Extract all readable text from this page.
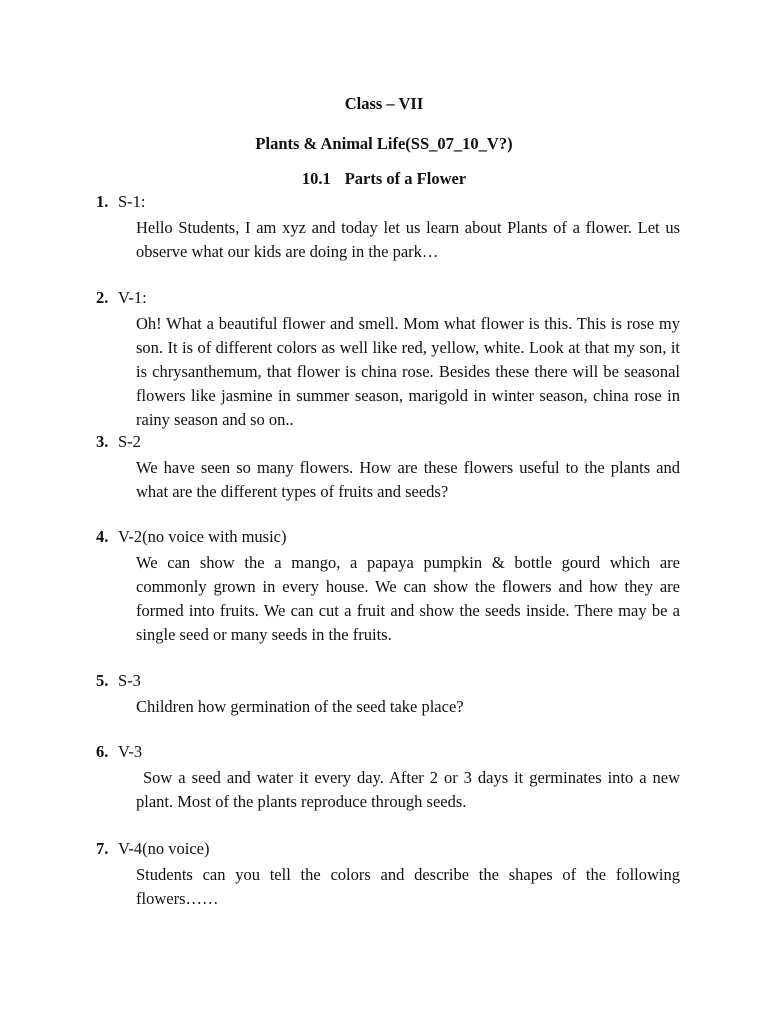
Class – VII
Plants & Animal Life(SS_07_10_V?)
10.1 Parts of a Flower
1. S-1:
Hello Students, I am xyz and today let us learn about Plants of a flower. Let us observe what our kids are doing in the park…
2. V-1:
Oh! What a beautiful flower and smell. Mom what flower is this. This is rose my son. It is of different colors as well like red, yellow, white. Look at that my son, it is chrysanthemum, that flower is china rose. Besides these there will be seasonal flowers like jasmine in summer season, marigold in winter season, china rose in rainy season and so on..
3. S-2
We have seen so many flowers. How are these flowers useful to the plants and what are the different types of fruits and seeds?
4. V-2(no voice with music)
We can show the a mango, a papaya pumpkin & bottle gourd which are commonly grown in every house. We can show the flowers and how they are formed into fruits. We can cut a fruit and show the seeds inside. There may be a single seed or many seeds in the fruits.
5. S-3
Children how germination of the seed take place?
6. V-3
Sow a seed and water it every day. After 2 or 3 days it germinates into a new plant. Most of the plants reproduce through seeds.
7. V-4(no voice)
Students can you tell the colors and describe the shapes of the following flowers……
